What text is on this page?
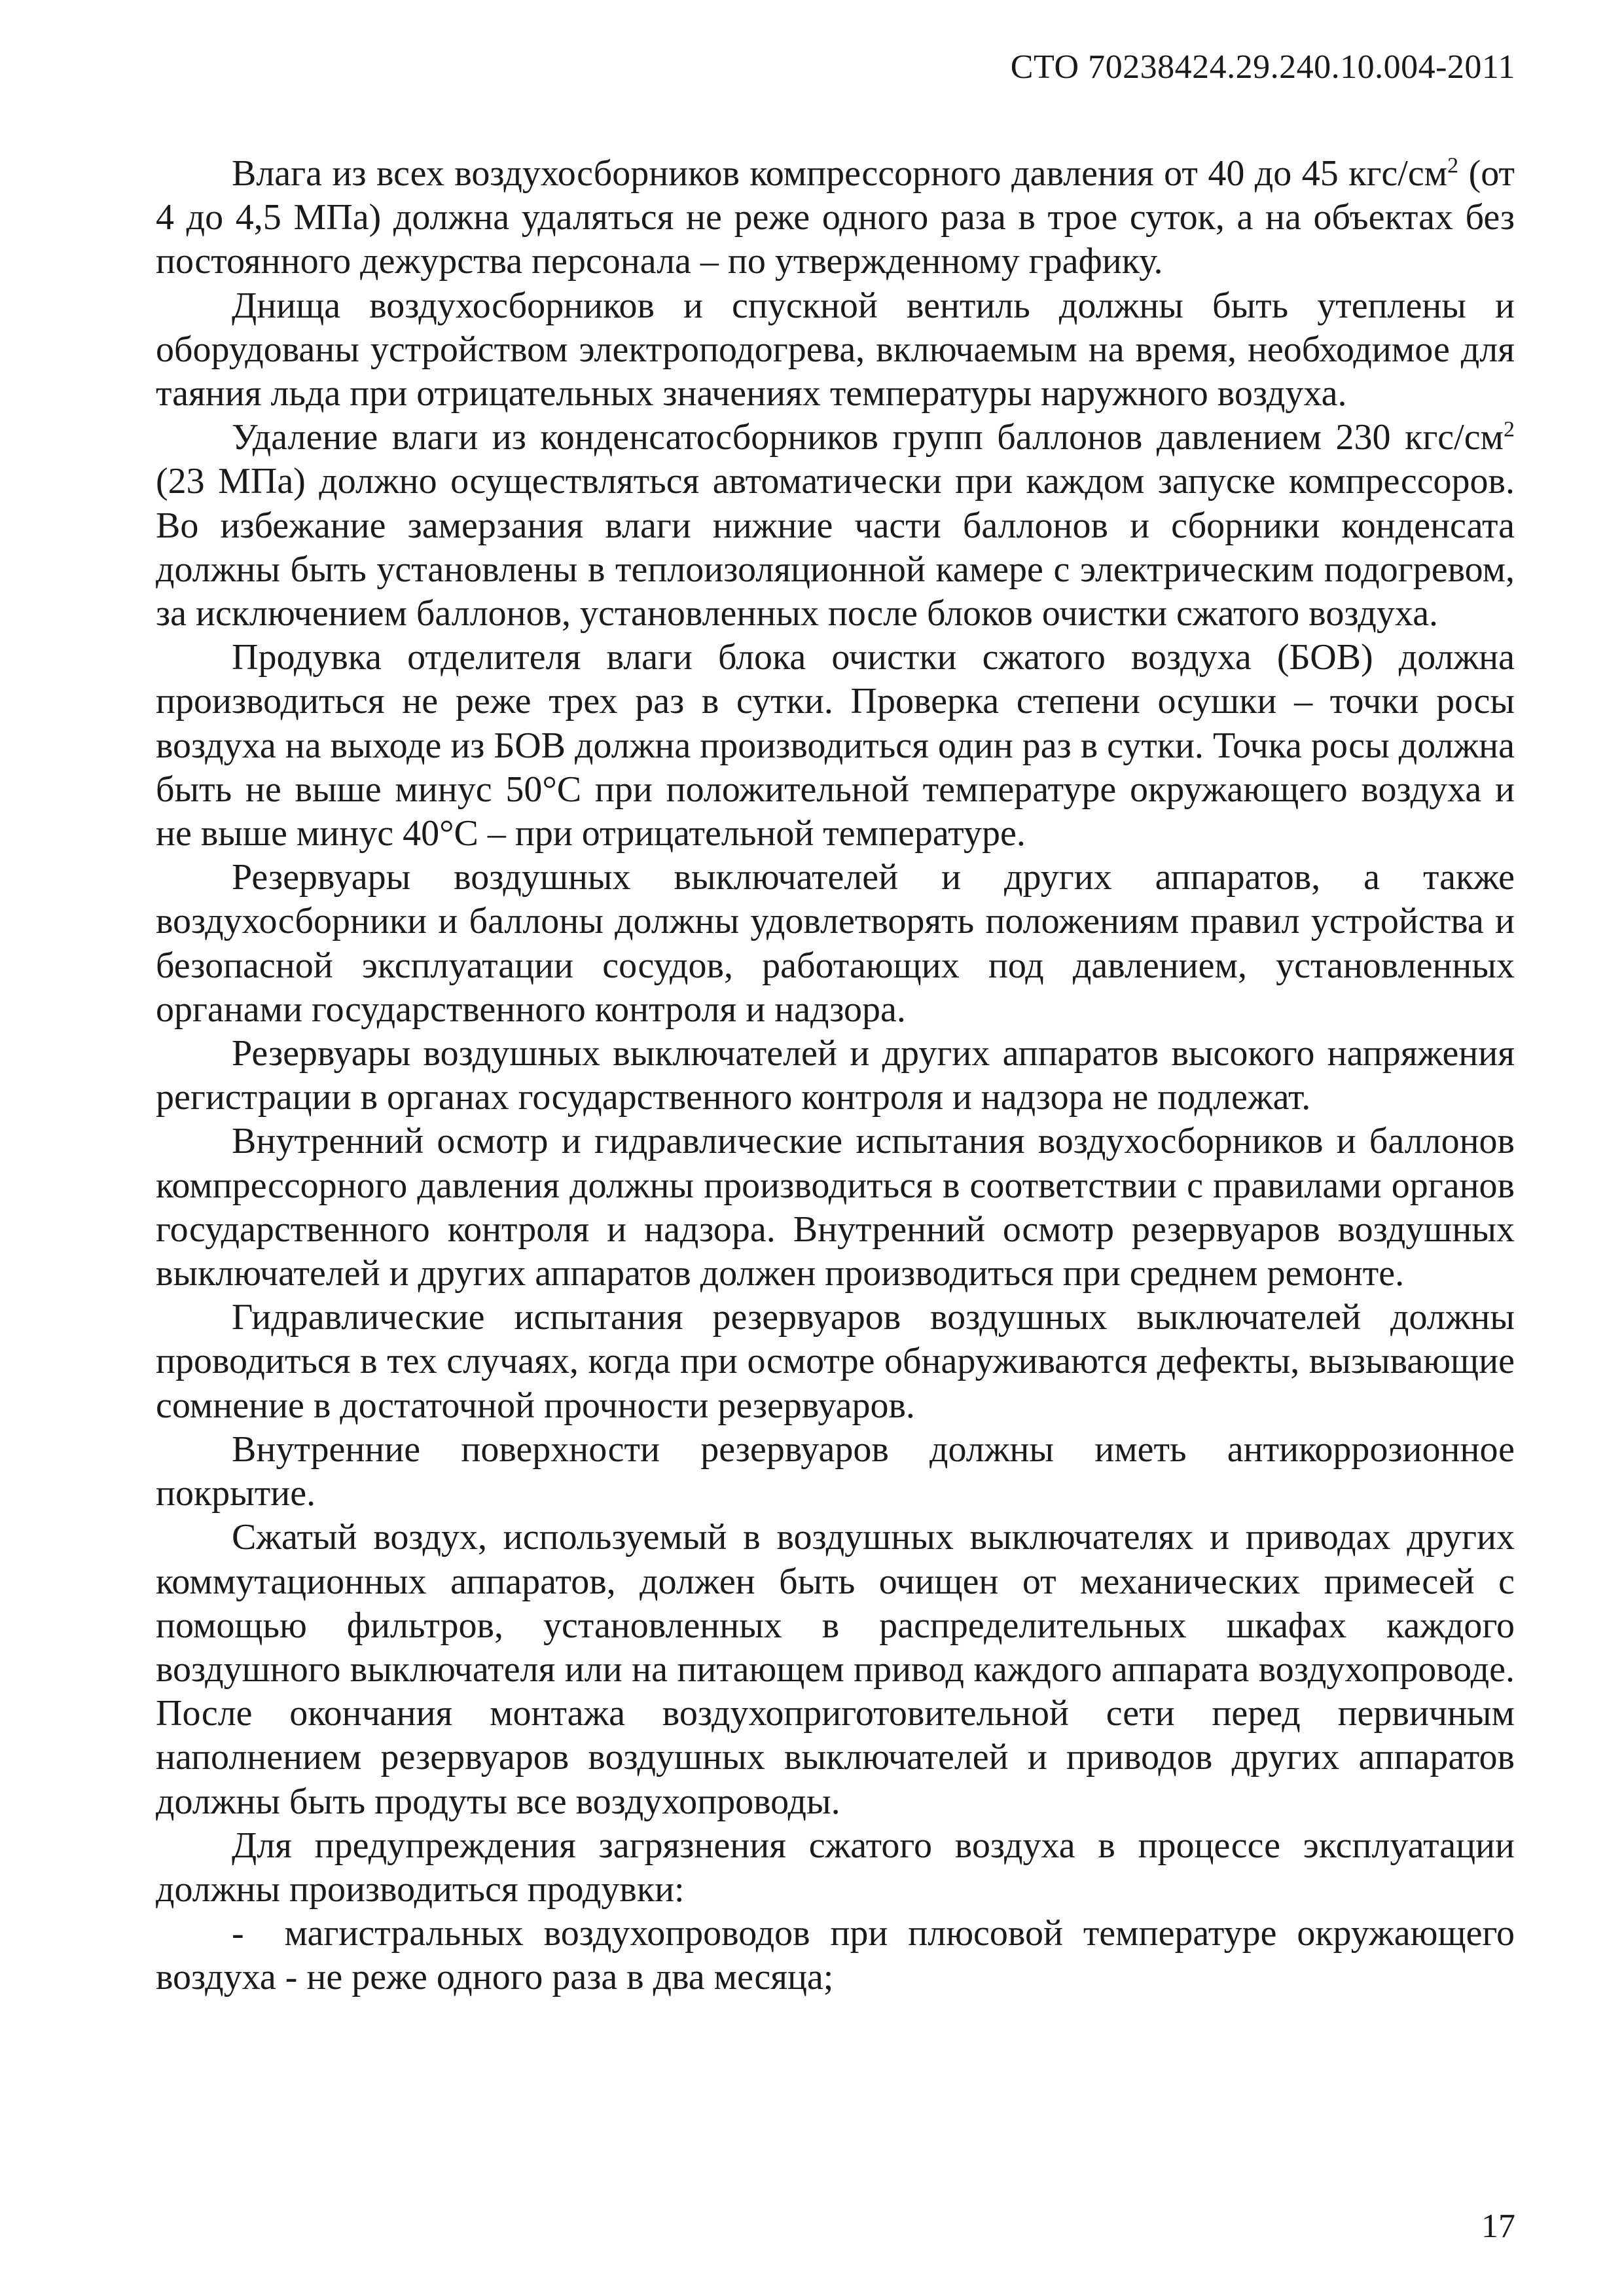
СТО 70238424.29.240.10.004-2011

Влага из всех воздухосборников компрессорного давления от 40 до 45 кгс/$см^2$ (от 4 до 4,5 МПа) должна удаляться не реже одного раза в трое суток, а на объектах без постоянного дежурства персонала – по утвержденному графику.

Днища воздухосборников и спускной вентиль должны быть утеплены и оборудованы устройством электроподогрева, включаемым на время, необходимое для таяния льда при отрицательных значениях температуры наружного воздуха.

Удаление влаги из конденсатосборников групп баллонов давлением 230 кгс/$см^2$ (23 МПа) должно осуществляться автоматически при каждом запуске компрессоров. Во избежание замерзания влаги нижние части баллонов и сборники конденсата должны быть установлены в теплоизоляционной камере с электрическим подогревом, за исключением баллонов, установленных после блоков очистки сжатого воздуха.

Продувка отделителя влаги блока очистки сжатого воздуха (БОВ) должна производиться не реже трех раз в сутки. Проверка степени осушки – точки росы воздуха на выходе из БОВ должна производиться один раз в сутки. Точка росы должна быть не выше минус 50°С при положительной температуре окружающего воздуха и не выше минус 40°С – при отрицательной температуре.

Резервуары воздушных выключателей и других аппаратов, а также воздухосборники и баллоны должны удовлетворять положениям правил устройства и безопасной эксплуатации сосудов, работающих под давлением, установленных органами государственного контроля и надзора.

Резервуары воздушных выключателей и других аппаратов высокого напряжения регистрации в органах государственного контроля и надзора не подлежат.

Внутренний осмотр и гидравлические испытания воздухосборников и баллонов компрессорного давления должны производиться в соответствии с правилами органов государственного контроля и надзора. Внутренний осмотр резервуаров воздушных выключателей и других аппаратов должен производиться при среднем ремонте.

Гидравлические испытания резервуаров воздушных выключателей должны проводиться в тех случаях, когда при осмотре обнаруживаются дефекты, вызывающие сомнение в достаточной прочности резервуаров.

Внутренние поверхности резервуаров должны иметь антикоррозионное покрытие.

Сжатый воздух, используемый в воздушных выключателях и приводах других коммутационных аппаратов, должен быть очищен от механических примесей с помощью фильтров, установленных в распределительных шкафах каждого воздушного выключателя или на питающем привод каждого аппарата воздухопроводе. После окончания монтажа воздухоприготовительной сети перед первичным наполнением резервуаров воздушных выключателей и приводов других аппаратов должны быть продуты все воздухопроводы.

Для предупреждения загрязнения сжатого воздуха в процессе эксплуатации должны производиться продувки:

-  магистральных воздухопроводов при плюсовой температуре окружающего воздуха - не реже одного раза в два месяца;

17
